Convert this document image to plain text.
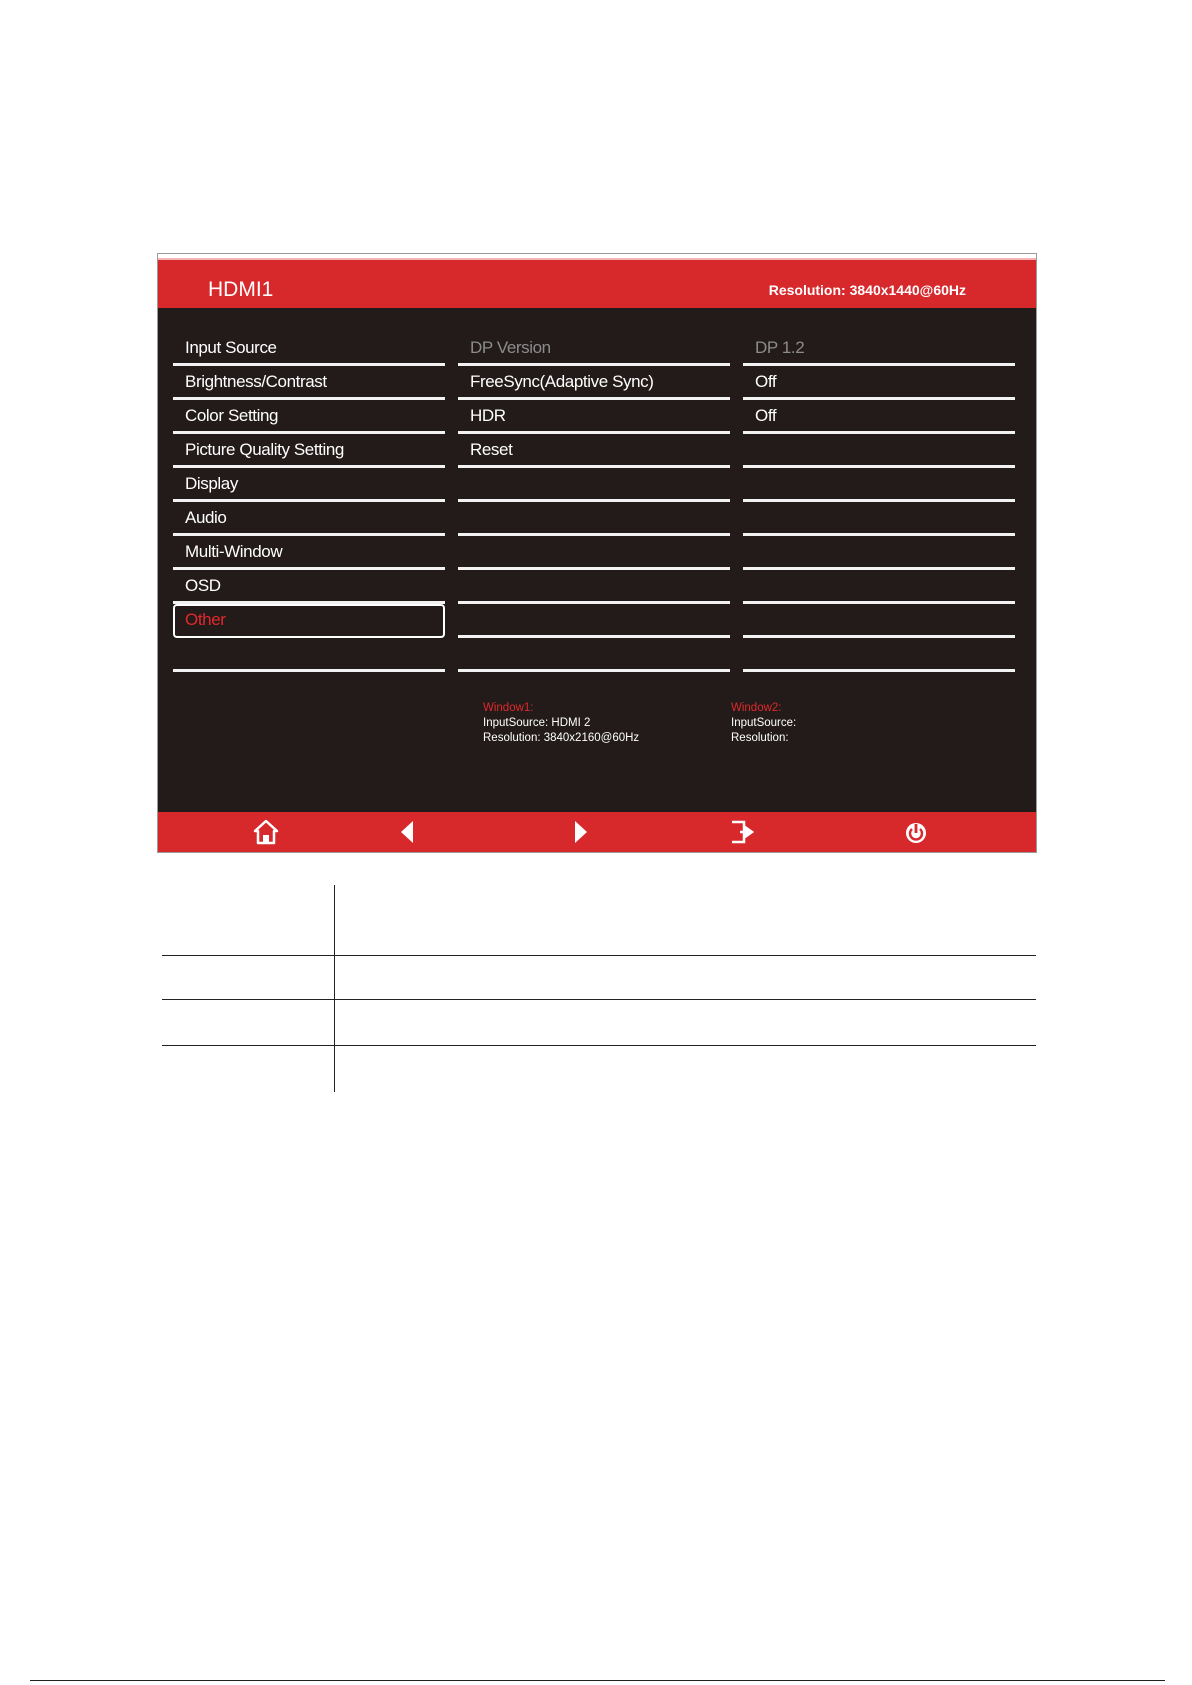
HDMI1	Resolution: 3840x1440@60Hz
Input Source
Brightness/Contrast
Color Setting
Picture Quality Setting
Display
Audio
Multi-Window
OSD
Other
DP Version
FreeSync(Adaptive Sync)
HDR
Reset
DP 1.2
Off
Off
Window1:
InputSource: HDMI 2
Resolution: 3840x2160@60Hz
Window2:
InputSource:
Resolution:
